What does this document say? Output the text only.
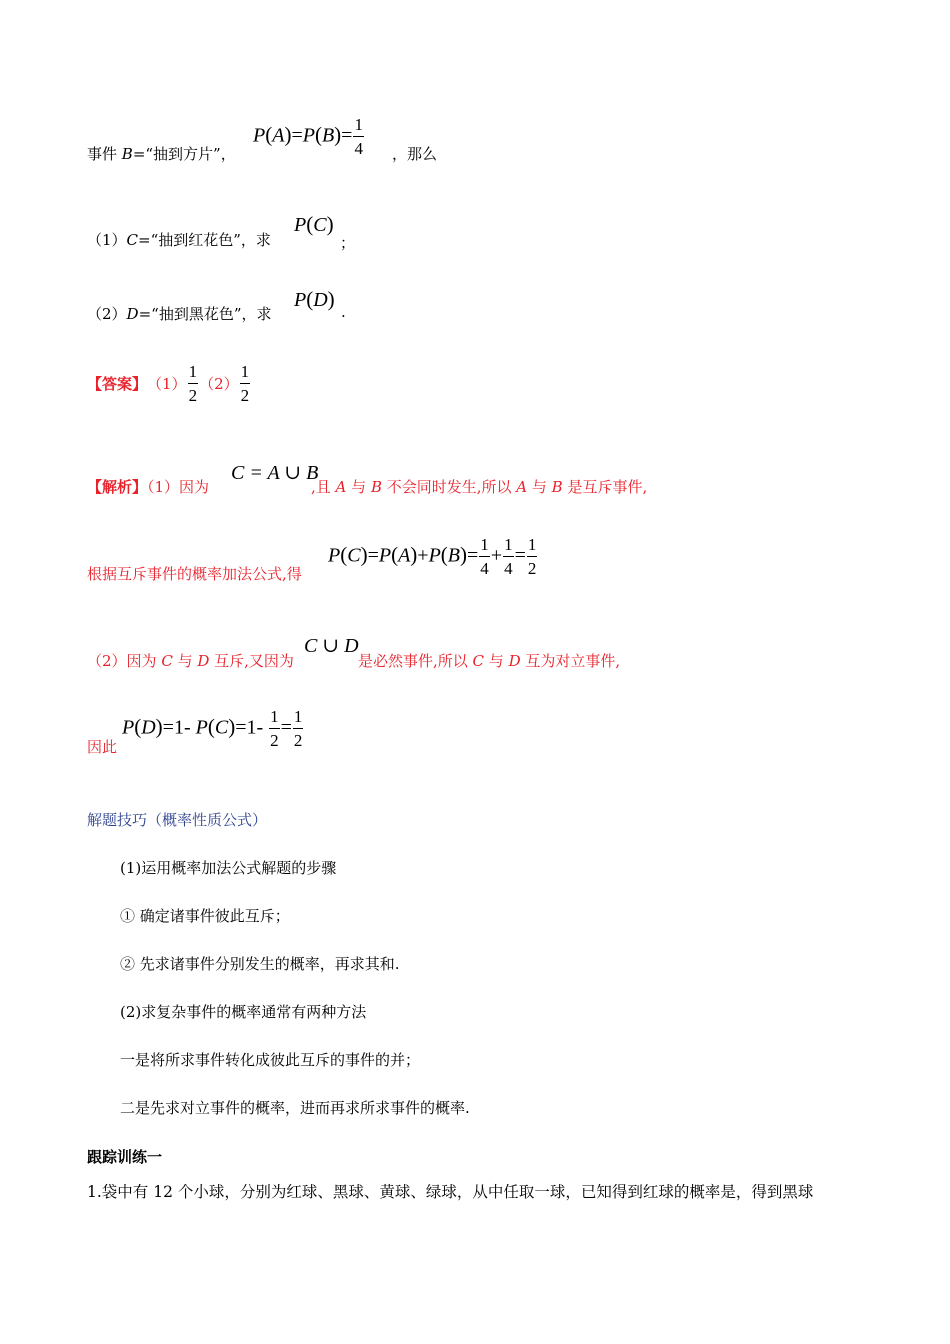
事件 B=“抽到方片”，
$P(A)=P(B)= \frac{1}{4}$ ，那么
（1）C=“抽到红花色”，求
P(C)
；
（2）D=“抽到黑花色”，求
P(D)
.
【答案】 $(1) \frac{1}{2} (2) \frac{1}{2}$
【解析】（1）因为
C = A ∪ B
,且 A 与 B 不会同时发生,所以 A 与 B 是互斥事件,
根据互斥事件的概率加法公式,得
$P(C)=P(A)+P(B)= \frac{1}{4} + \frac{1}{4} = \frac{1}{2}$
（2）因为 C 与 D 互斥,又因为
C ∪ D
是必然事件,所以 C 与 D 互为对立事件,
因此
P(D)=1- $P(C)=1- \frac{1}{2} = \frac{1}{2}$
解题技巧（概率性质公式）
(1)运用概率加法公式解题的步骤
① 确定诸事件彼此互斥；
② 先求诸事件分别发生的概率，再求其和.
(2)求复杂事件的概率通常有两种方法
一是将所求事件转化成彼此互斥的事件的并；
二是先求对立事件的概率，进而再求所求事件的概率.
跟踪训练一
1.袋中有 12 个小球，分别为红球、黑球、黄球、绿球，从中任取一球，已知得到红球的概率是，得到黑球
